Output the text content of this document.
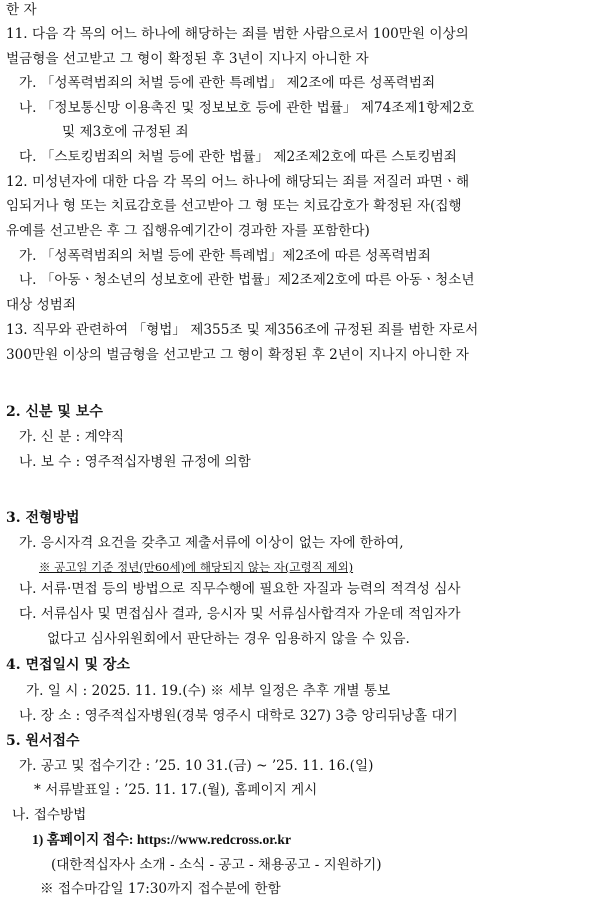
한 자
11. 다음 각 목의 어느 하나에 해당하는 죄를 범한 사람으로서 100만원 이상의
벌금형을 선고받고 그 형이 확정된 후 3년이 지나지 아니한 자
가. 「성폭력범죄의 처벌 등에 관한 특례법」 제2조에 따른 성폭력범죄
나. 「정보통신망 이용촉진 및 정보보호 등에 관한 법률」 제74조제1항제2호
및 제3호에 규정된 죄
다. 「스토킹범죄의 처벌 등에 관한 법률」 제2조제2호에 따른 스토킹범죄
12. 미성년자에 대한 다음 각 목의 어느 하나에 해당되는 죄를 저질러 파면ㆍ해
임되거나 형 또는 치료감호를 선고받아 그 형 또는 치료감호가 확정된 자(집행
유예를 선고받은 후 그 집행유예기간이 경과한 자를 포함한다)
가. 「성폭력범죄의 처벌 등에 관한 특례법」제2조에 따른 성폭력범죄
나. 「아동ㆍ청소년의 성보호에 관한 법률」제2조제2호에 따른 아동ㆍ청소년
대상 성범죄
13. 직무와 관련하여 「형법」 제355조 및 제356조에 규정된 죄를 범한 자로서
300만원 이상의 벌금형을 선고받고 그 형이 확정된 후 2년이 지나지 아니한 자
2. 신분 및 보수
가. 신 분 : 계약직
나. 보 수 : 영주적십자병원 규정에 의함
3. 전형방법
가. 응시자격 요건을 갖추고 제출서류에 이상이 없는 자에 한하여,
※ 공고일 기준 정년(만60세)에 해당되지 않는 자(고령직 제외)
나. 서류·면접 등의 방법으로 직무수행에 필요한 자질과 능력의 적격성 심사
다. 서류심사 및 면접심사 결과, 응시자 및 서류심사합격자 가운데 적임자가
없다고 심사위원회에서 판단하는 경우 임용하지 않을 수 있음.
4. 면접일시 및 장소
가. 일 시 : 2025. 11. 19.(수) ※ 세부 일정은 추후 개별 통보
나. 장 소 : 영주적십자병원(경북 영주시 대학로 327) 3층 앙리뒤낭홀 대기
5. 원서접수
가. 공고 및 접수기간 : ’25. 10 31.(금) ~ ’25. 11. 16.(일)
* 서류발표일 : ’25. 11. 17.(월), 홈페이지 게시
나. 접수방법
1) 홈페이지 접수: https://www.redcross.or.kr
(대한적십자사 소개 - 소식 - 공고 - 채용공고 - 지원하기)
※ 접수마감일 17:30까지 접수분에 한함
